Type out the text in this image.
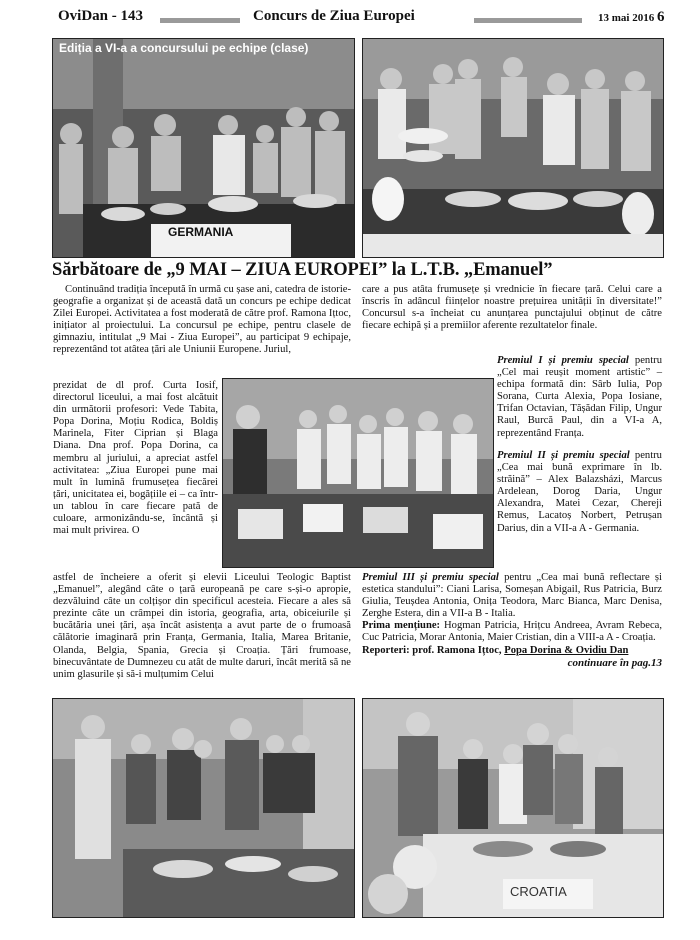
OviDan - 143	Concurs de Ziua Europei	13 mai 2016 6
Ediția a VI-a a concursului pe echipe (clase)
GERMANIA
Sărbătoare de „9 MAI – ZIUA EUROPEI” la L.T.B. „Emanuel”

Continuând tradiția începută în urmă cu șase ani, catedra de istorie-geografie a organizat și de această dată un concurs pe echipe dedicat Zilei Europei. Activitatea a fost moderată de către prof. Ramona Ițtoc, inițiator al proiectului. La concursul pe echipe, pentru clasele de gimnaziu, intitulat „9 Mai - Ziua Europei”, au participat 9 echipaje, reprezentând tot atâtea țări ale Uniunii Europene. Juriul,

prezidat de dl prof. Curta Iosif, directorul liceului, a mai fost alcătuit din următorii profesori: Vede Tabita, Popa Dorina, Moțiu Rodica, Boldiș Marinela, Fiter Ciprian și Blaga Diana. Dna prof. Popa Dorina, ca membru al juriului, a apreciat astfel activitatea: „Ziua Europei pune mai mult în lumină frumusețea fiecărei țări, unicitatea ei, bogățiile ei – ca într-un tablou în care fiecare pată de culoare, armonizându-se, încântă și mai mult privirea. O

astfel de încheiere a oferit și elevii Liceului Teologic Baptist „Emanuel”, alegând câte o țară europeană pe care s-și-o apropie, dezvăluind câte un colțișor din specificul acesteia. Fiecare a ales să prezinte câte un crâmpei din istoria, geografia, arta, obiceiurile și bucătăria unei țări, așa încât asistența a avut parte de o frumoasă călătorie imaginară prin Franța, Germania, Italia, Marea Britanie, Olanda, Belgia, Spania, Grecia și Croația. Țări frumoase, binecuvântate de Dumnezeu cu atât de multe daruri, încât merită să ne unim glasurile și să-i mulțumim Celui

care a pus atâta frumusețe și vrednicie în fiecare țară. Celui care a înscris în adâncul ființelor noastre prețuirea unității în diversitate!” Concursul s-a încheiat cu anunțarea punctajului obținut de către fiecare echipă și a premiilor aferente rezultatelor finale.

Premiul I și premiu special pentru „Cel mai reușit moment artistic” – echipa formată din: Sârb Iulia, Pop Sorana, Curta Alexia, Popa Iosiane, Trifan Octavian, Tășădan Filip, Ungur Raul, Burcă Paul, din a VI-a A, reprezentând Franța.

Premiul II și premiu special pentru „Cea mai bună exprimare în lb. străină” – Alex Balazsházi, Marcus Ardelean, Dorog Daria, Ungur Alexandra, Matei Cezar, Chereji Remus, Lacatoș Norbert, Petrușan Darius, din a VII-a A - Germania.

Premiul III și premiu special pentru „Cea mai bună reflectare și estetica standului”: Ciani Larisa, Someșan Abigail, Rus Patricia, Burz Giulia, Teușdea Antonia, Onița Teodora, Marc Bianca, Marc Denisa, Zerghe Estera, din a VII-a B - Italia.

Prima mențiune: Hogman Patricia, Hrițcu Andreea, Avram Rebeca, Cuc Patricia, Morar Antonia, Maier Cristian, din a VIII-a A - Croația.

Reporteri: prof. Ramona Ițtoc, Popa Dorina & Ovidiu Dan

continuare în pag.13

CROATIA
